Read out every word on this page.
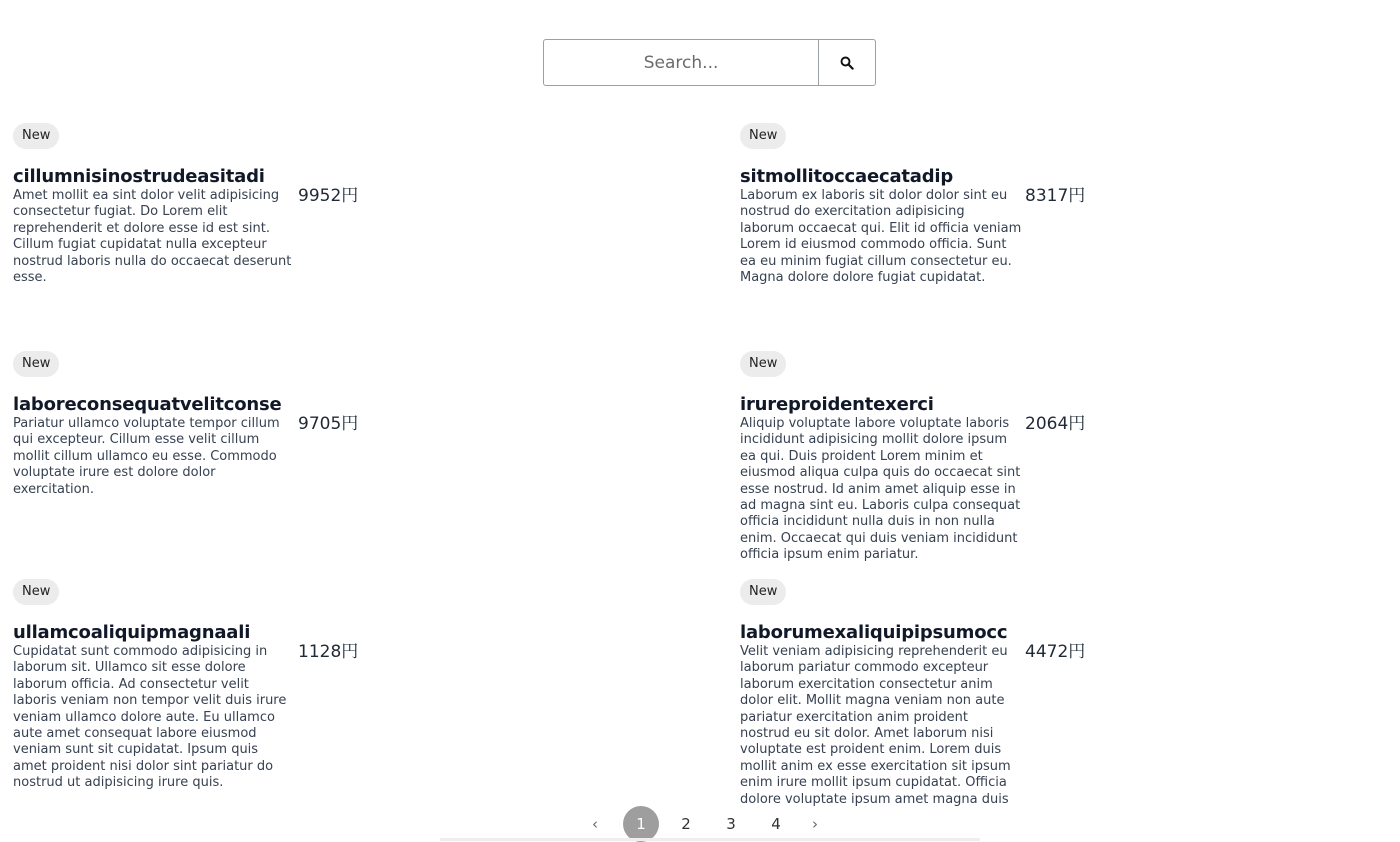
Search...
New

cillumnisinostrudeasitadi

Amet mollit ea sint dolor velit adipisicing consectetur fugiat. Do Lorem elit reprehenderit et dolore esse id est sint. Cillum fugiat cupidatat nulla excepteur nostrud laboris nulla do occaecat deserunt esse.

9952円
New

sitmollitoccaecatadip

Laborum ex laboris sit dolor dolor sint eu nostrud do exercitation adipisicing laborum occaecat qui. Elit id officia veniam Lorem id eiusmod commodo officia. Sunt ea eu minim fugiat cillum consectetur eu. Magna dolore dolore fugiat cupidatat.

8317円
New

laboreconsequatvelitconse

Pariatur ullamco voluptate tempor cillum qui excepteur. Cillum esse velit cillum mollit cillum ullamco eu esse. Commodo voluptate irure est dolore dolor exercitation.

9705円
New

irureproidentexerci

Aliquip voluptate labore voluptate laboris incididunt adipisicing mollit dolore ipsum ea qui. Duis proident Lorem minim et eiusmod aliqua culpa quis do occaecat sint esse nostrud. Id anim amet aliquip esse in ad magna sint eu. Laboris culpa consequat officia incididunt nulla duis in non nulla enim. Occaecat qui duis veniam incididunt officia ipsum enim pariatur.

2064円
New

ullamcoaliquipmagnaali

Cupidatat sunt commodo adipisicing in laborum sit. Ullamco sit esse dolore laborum officia. Ad consectetur velit laboris veniam non tempor velit duis irure veniam ullamco dolore aute. Eu ullamco aute amet consequat labore eiusmod veniam sunt sit cupidatat. Ipsum quis amet proident nisi dolor sint pariatur do nostrud ut adipisicing irure quis.

1128円
New

laborumexaliquipipsumocc

Velit veniam adipisicing reprehenderit eu laborum pariatur commodo excepteur laborum exercitation consectetur anim dolor elit. Mollit magna veniam non aute pariatur exercitation anim proident nostrud eu sit dolor. Amet laborum nisi voluptate est proident enim. Lorem duis mollit anim ex esse exercitation sit ipsum enim irure mollit ipsum cupidatat. Officia dolore voluptate ipsum amet magna duis

4472円
‹	1	2	3	4	›
